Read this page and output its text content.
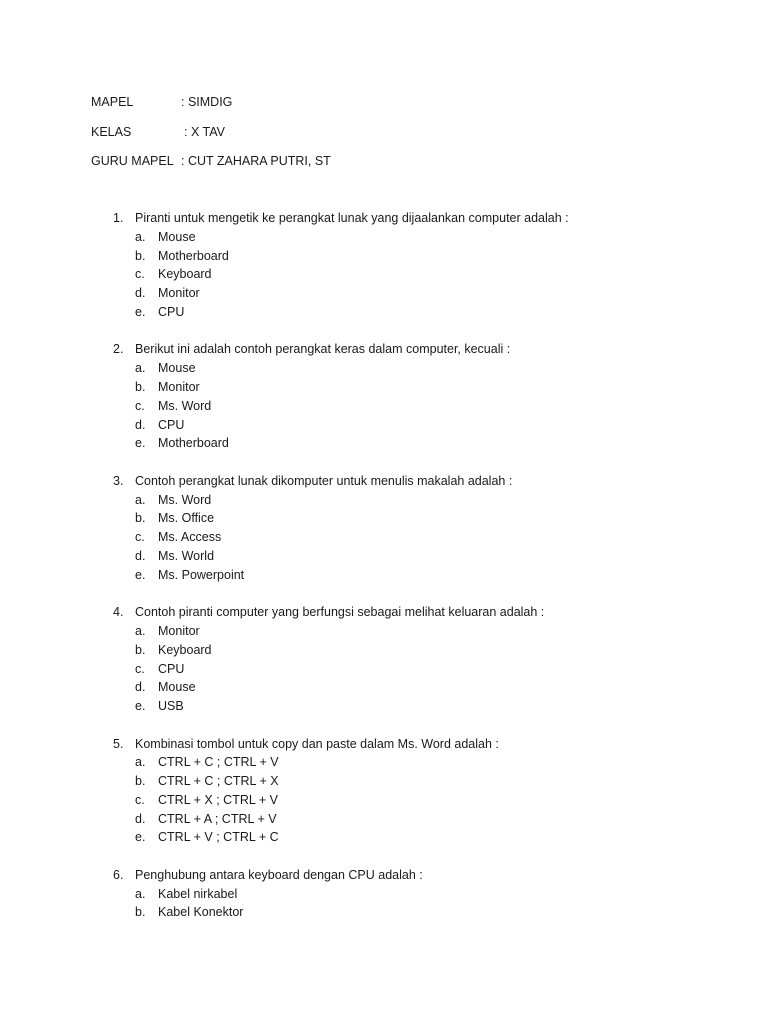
MAPEL	: SIMDIG
KELAS	: X TAV
GURU MAPEL : CUT ZAHARA PUTRI, ST
1. Piranti untuk mengetik ke perangkat lunak yang dijaalankan computer adalah :
a.	Mouse
b.	Motherboard
c.	Keyboard
d.	Monitor
e.	CPU
2. Berikut ini adalah contoh perangkat keras dalam computer, kecuali :
a.	Mouse
b.	Monitor
c.	Ms. Word
d.	CPU
e.	Motherboard
3. Contoh perangkat lunak dikomputer untuk menulis makalah adalah :
a.	Ms. Word
b.	Ms. Office
c.	Ms. Access
d.	Ms. World
e.	Ms. Powerpoint
4. Contoh piranti computer yang berfungsi sebagai melihat keluaran adalah :
a.	Monitor
b.	Keyboard
c.	CPU
d.	Mouse
e.	USB
5. Kombinasi tombol untuk copy dan paste dalam Ms. Word adalah :
a.	CTRL + C ; CTRL + V
b.	CTRL + C ; CTRL + X
c.	CTRL + X ; CTRL + V
d.	CTRL + A ; CTRL + V
e.	CTRL + V ; CTRL + C
6. Penghubung antara keyboard dengan CPU adalah :
a.	Kabel nirkabel
b.	Kabel Konektor
